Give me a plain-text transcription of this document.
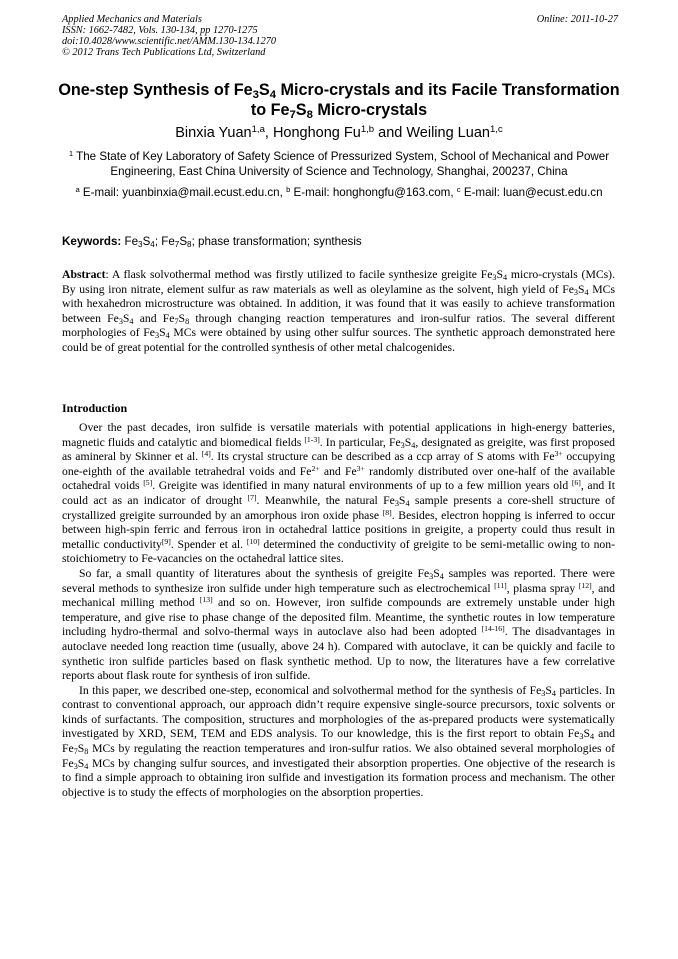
Applied Mechanics and Materials
ISSN: 1662-7482, Vols. 130-134, pp 1270-1275
doi:10.4028/www.scientific.net/AMM.130-134.1270
© 2012 Trans Tech Publications Ltd, Switzerland
Online: 2011-10-27
One-step Synthesis of $Fe_3S_4$ Micro-crystals and its Facile Transformation
to $Fe_7S_8$ Micro-crystals
Binxia Yuan$^{1,a}$, Honghong Fu$^{1,b}$ and Weiling Luan$^{1,c}$
$^1$ The State of Key Laboratory of Safety Science of Pressurized System, School of Mechanical and Power Engineering, East China University of Science and Technology, Shanghai, 200237, China
$^a$ E-mail: yuanbinxia@mail.ecust.edu.cn, $^b$ E-mail: honghongfu@163.com, $^c$ E-mail: luan@ecust.edu.cn
Keywords: $Fe_3S_4$; $Fe_7S_8$; phase transformation; synthesis
Abstract: A flask solvothermal method was firstly utilized to facile synthesize greigite $Fe_3S_4$ micro-crystals (MCs). By using iron nitrate, element sulfur as raw materials as well as oleylamine as the solvent, high yield of $Fe_3S_4$ MCs with hexahedron microstructure was obtained. In addition, it was found that it was easily to achieve transformation between $Fe_3S_4$ and $Fe_7S_8$ through changing reaction temperatures and iron-sulfur ratios. The several different morphologies of $Fe_3S_4$ MCs were obtained by using other sulfur sources. The synthetic approach demonstrated here could be of great potential for the controlled synthesis of other metal chalcogenides.
Introduction

Over the past decades, iron sulfide is versatile materials with potential applications in high-energy batteries, magnetic fluids and catalytic and biomedical fields [1-3]. In particular, $Fe_3S_4$, designated as greigite, was first proposed as amineral by Skinner et al. [4]. Its crystal structure can be described as a ccp array of S atoms with $Fe^{3+}$ occupying one-eighth of the available tetrahedral voids and $Fe^{2+}$ and $Fe^{3+}$ randomly distributed over one-half of the available octahedral voids [5]. Greigite was identified in many natural environments of up to a few million years old [6], and It could act as an indicator of drought [7]. Meanwhile, the natural $Fe_3S_4$ sample presents a core-shell structure of crystallized greigite surrounded by an amorphous iron oxide phase [8]. Besides, electron hopping is inferred to occur between high-spin ferric and ferrous iron in octahedral lattice positions in greigite, a property could thus result in metallic conductivity[9]. Spender et al. [10] determined the conductivity of greigite to be semi-metallic owing to non-stoichiometry to Fe-vacancies on the octahedral lattice sites.

So far, a small quantity of literatures about the synthesis of greigite $Fe_3S_4$ samples was reported. There were several methods to synthesize iron sulfide under high temperature such as electrochemical [11], plasma spray [12], and mechanical milling method [13] and so on. However, iron sulfide compounds are extremely unstable under high temperature, and give rise to phase change of the deposited film. Meantime, the synthetic routes in low temperature including hydro-thermal and solvo-thermal ways in autoclave also had been adopted [14-16]. The disadvantages in autoclave needed long reaction time (usually, above 24 h). Compared with autoclave, it can be quickly and facile to synthetic iron sulfide particles based on flask synthetic method. Up to now, the literatures have a few correlative reports about flask route for synthesis of iron sulfide.

In this paper, we described one-step, economical and solvothermal method for the synthesis of $Fe_3S_4$ particles. In contrast to conventional approach, our approach didn’t require expensive single-source precursors, toxic solvents or kinds of surfactants. The composition, structures and morphologies of the as-prepared products were systematically investigated by XRD, SEM, TEM and EDS analysis. To our knowledge, this is the first report to obtain $Fe_3S_4$ and $Fe_7S_8$ MCs by regulating the reaction temperatures and iron-sulfur ratios. We also obtained several morphologies of $Fe_3S_4$ MCs by changing sulfur sources, and investigated their absorption properties. One objective of the research is to find a simple approach to obtaining iron sulfide and investigation its formation process and mechanism. The other objective is to study the effects of morphologies on the absorption properties.
